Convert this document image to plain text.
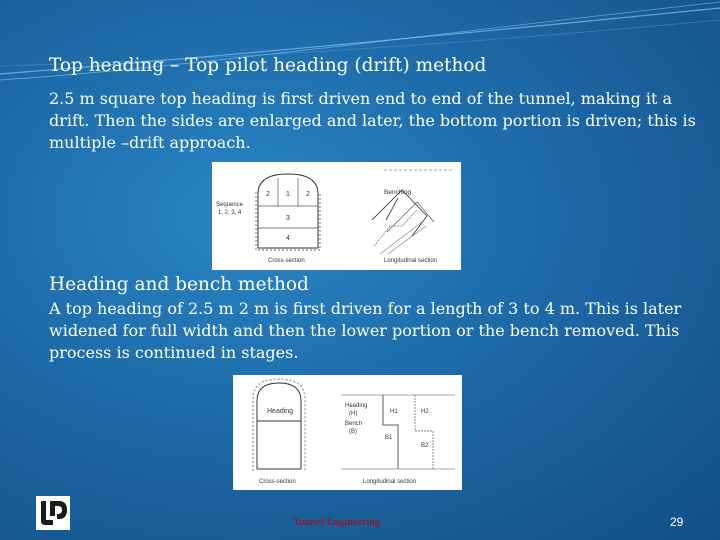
Top heading – Top pilot heading (drift) method
2.5 m square top heading is first driven end to end of the tunnel, making it a drift. Then the sides are enlarged and later, the bottom portion is driven; this is multiple –drift approach.
2 1 2
3
4
Sequence
1, 2, 3, 4
Cross-section
Benching
Longitudinal section
Heading and bench method
A top heading of 2.5 m 2 m is first driven for a length of 3 to 4 m. This is later widened for full width and then the lower portion or the bench removed. This process is continued in stages.
Heading
Cross-section
Heading
(H)
Bench
(B)
H1	H2
B1
B2
Longitudinal section
Tunnel Engineering	29
